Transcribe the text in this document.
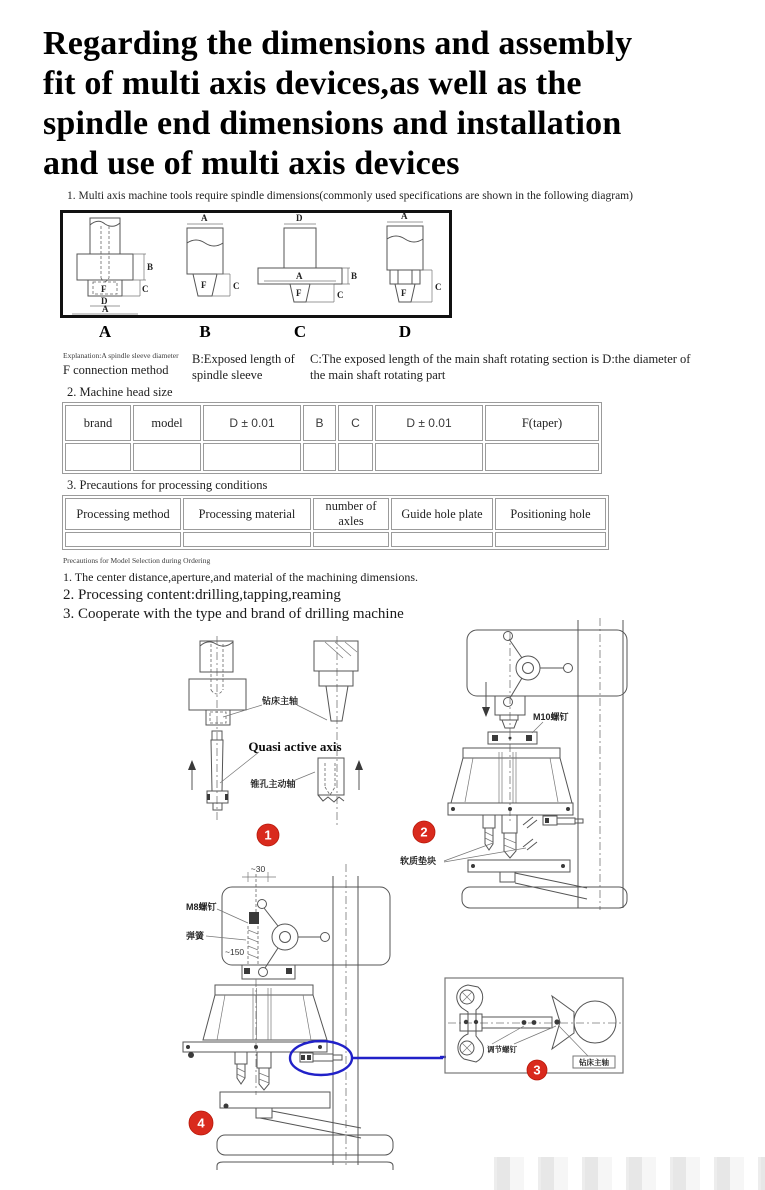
Regarding the dimensions and assembly
fit of multi axis devices,as well as the
spindle end dimensions and installation
and use of multi axis devices
1. Multi axis machine tools require spindle dimensions(commonly used specifications are shown in the following diagram)
F
D
A
B
C
A
F	C
D
A	B
F	C
A
F
C
A	B	C	D
Explanation:A spindle sleeve diameter
F connection method
B:Exposed length of spindle sleeve
C:The exposed length of the main shaft rotating section is D:the diameter of the main shaft rotating part
2. Machine head size
brand	model	D ± 0.01	B	C	D ± 0.01	F(taper)

3. Precautions for processing conditions
Processing method	Processing material	number of axles	Guide hole plate	Positioning hole

Precautions for Model Selection during Ordering
1. The center distance,aperture,and material of the machining dimensions.
2. Processing content:drilling,tapping,reaming
3. Cooperate with the type and brand of drilling machine
钻床主轴
Quasi active axis
锥孔主动轴
1
M10螺钉
软质垫块
2
~30
M8螺钉
弹簧
~150
4
调节螺钉
钻床主轴
3
